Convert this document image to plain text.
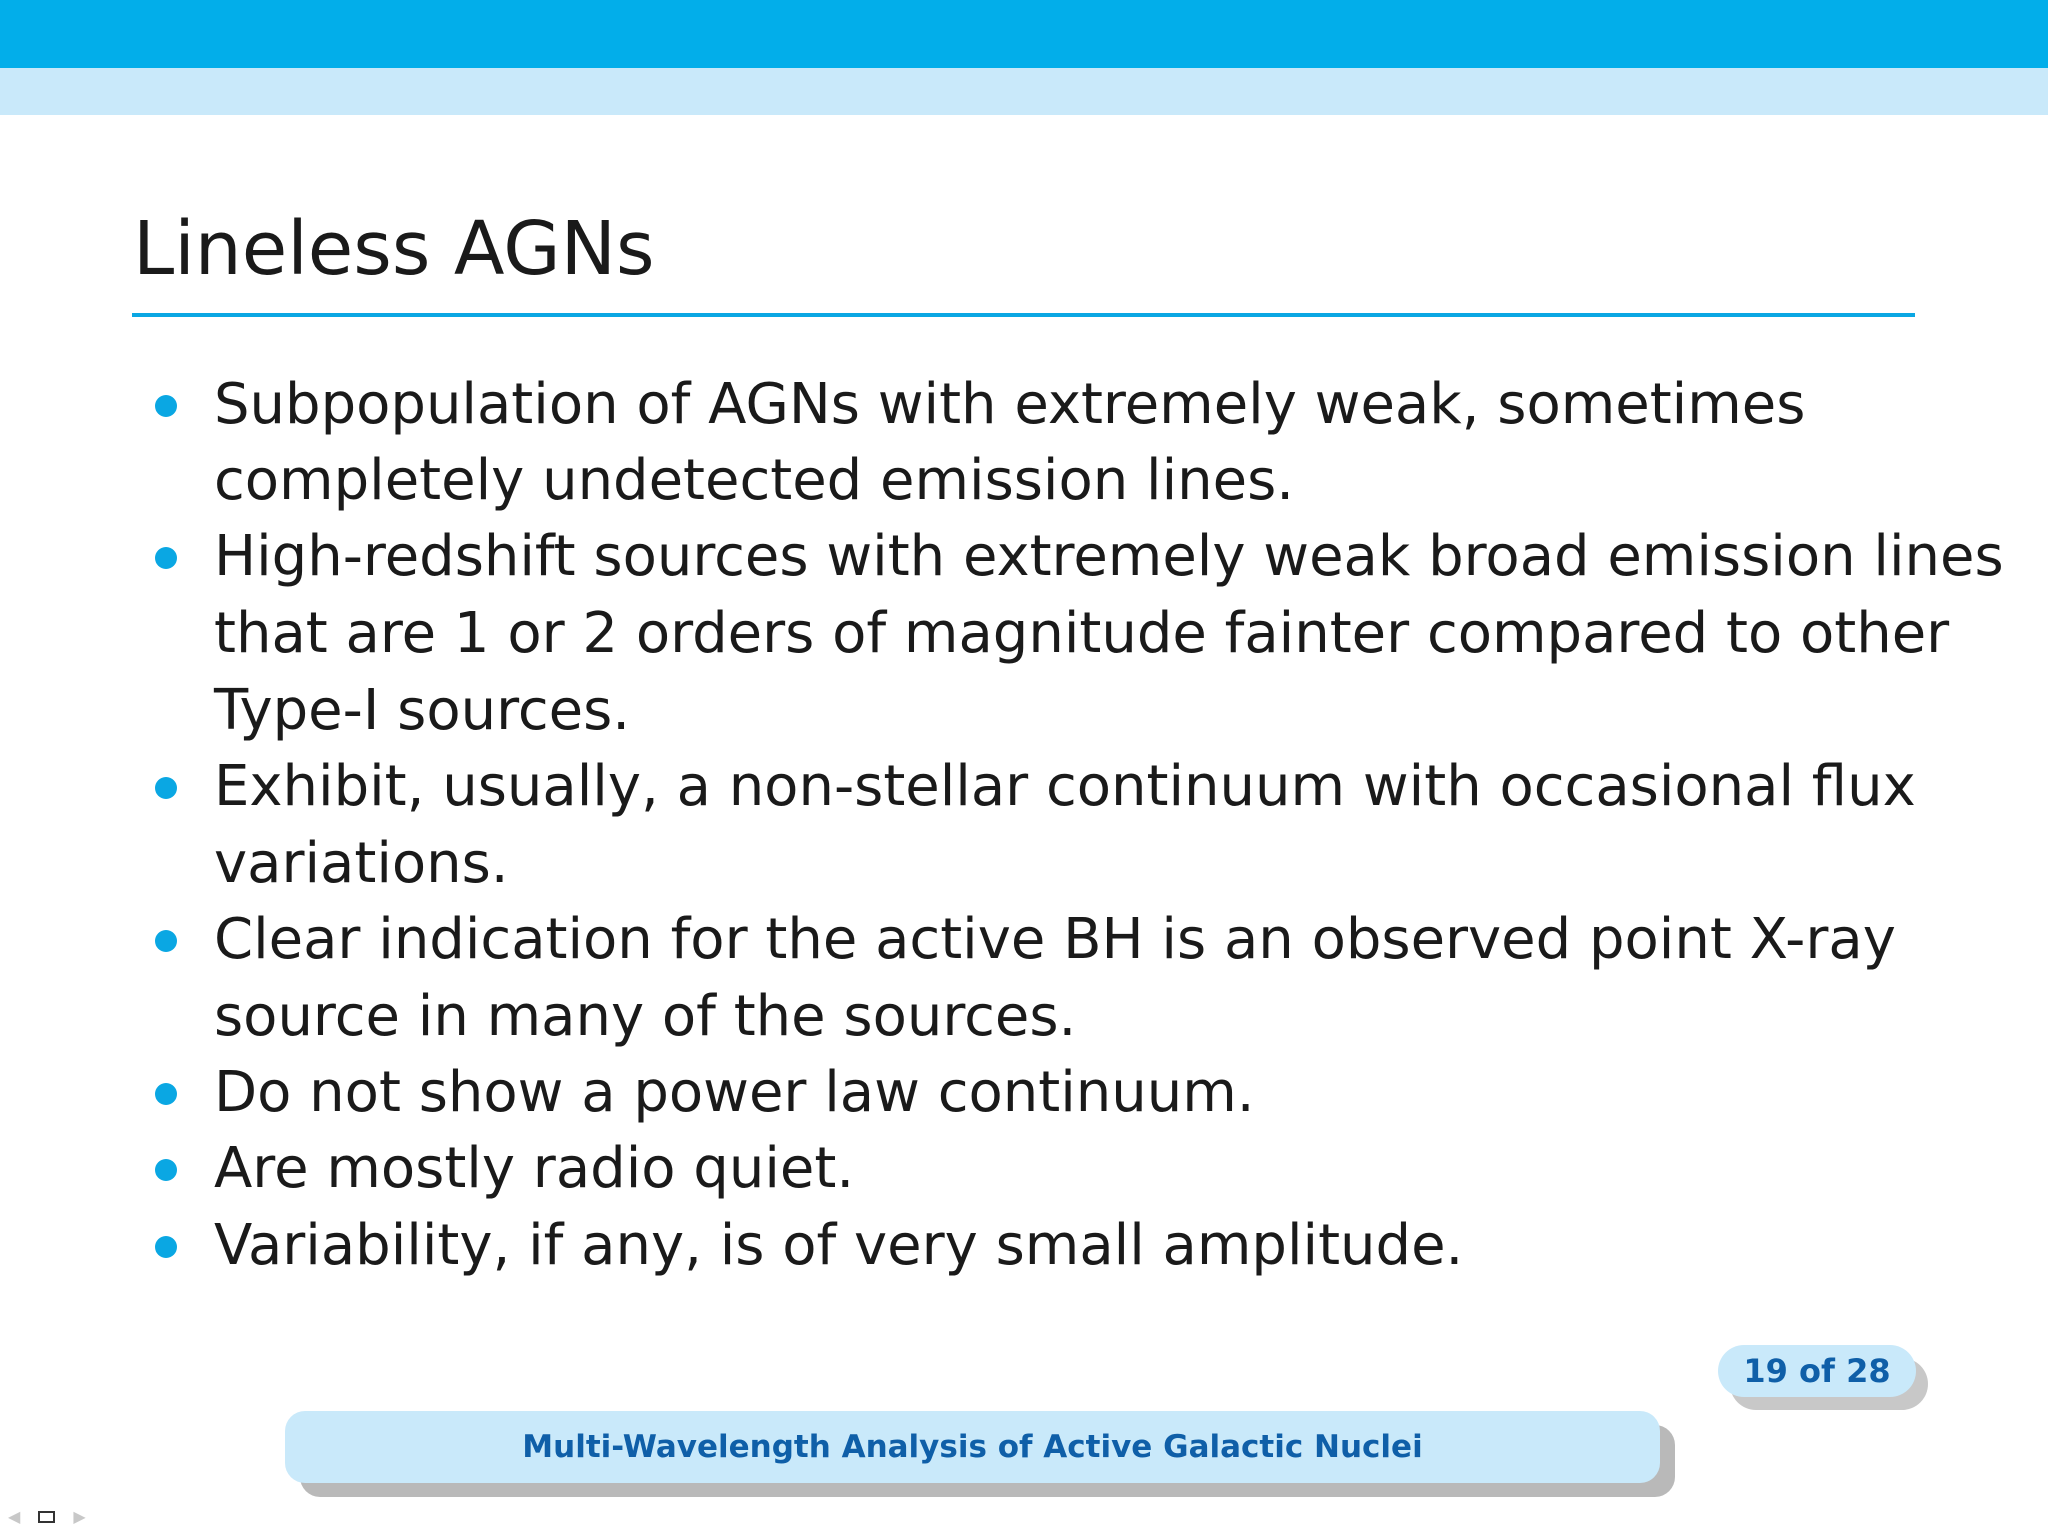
Lineless AGNs
Subpopulation of AGNs with extremely weak, sometimes
completely undetected emission lines.
High-redshift sources with extremely weak broad emission lines
that are 1 or 2 orders of magnitude fainter compared to other
Type-I sources.
Exhibit, usually, a non-stellar continuum with occasional flux
variations.
Clear indication for the active BH is an observed point X-ray
source in many of the sources.
Do not show a power law continuum.
Are mostly radio quiet.
Variability, if any, is of very small amplitude.
19 of 28
Multi-Wavelength Analysis of Active Galactic Nuclei
◀	▶
